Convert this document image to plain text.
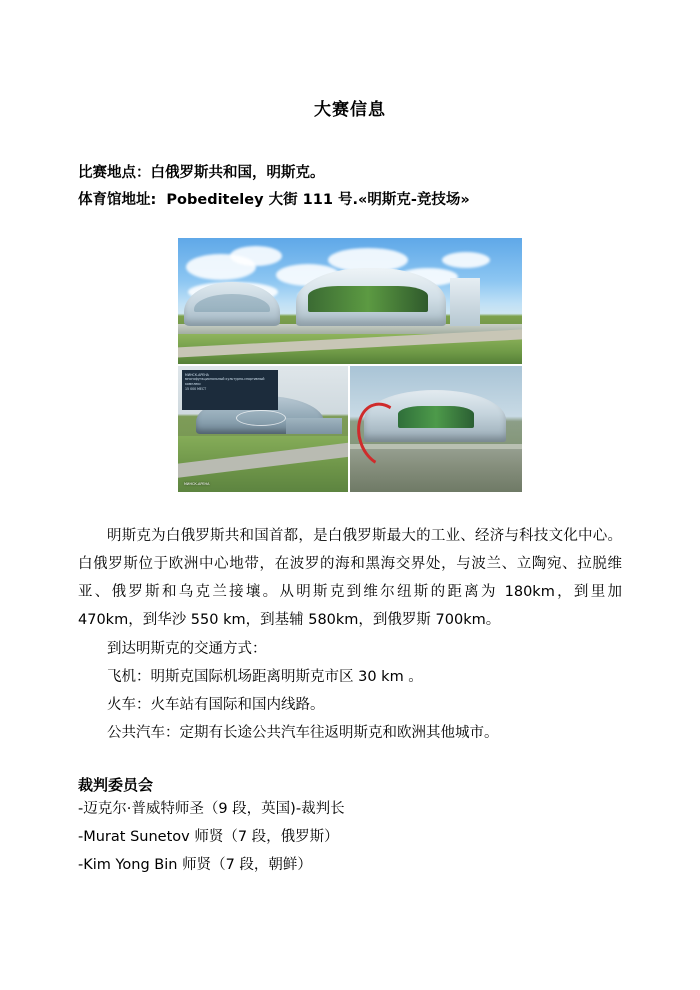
大赛信息
比赛地点：白俄罗斯共和国，明斯克。
体育馆地址:  Pobediteley 大街 111 号.«明斯克-竞技场»
МИНСК-АРЕНА
многофункциональный культурно-спортивный комплекс
15 000 МЕСТ
МИНСК-АРЕНА

明斯克为白俄罗斯共和国首都，是白俄罗斯最大的工业、经济与科技文化中心。白俄罗斯位于欧洲中心地带，在波罗的海和黑海交界处，与波兰、立陶宛、拉脱维亚、俄罗斯和乌克兰接壤。从明斯克到维尔纽斯的距离为 180km，到里加 470km，到华沙 550 km，到基辅 580km，到俄罗斯 700km。

到达明斯克的交通方式：

飞机：明斯克国际机场距离明斯克市区 30 km 。

火车：火车站有国际和国内线路。

公共汽车：定期有长途公共汽车往返明斯克和欧洲其他城市。

裁判委员会
-迈克尔·普威特师圣（9 段，英国)-裁判长
-Murat Sunetov 师贤（7 段，俄罗斯）
-Kim Yong Bin 师贤（7 段，朝鲜）
